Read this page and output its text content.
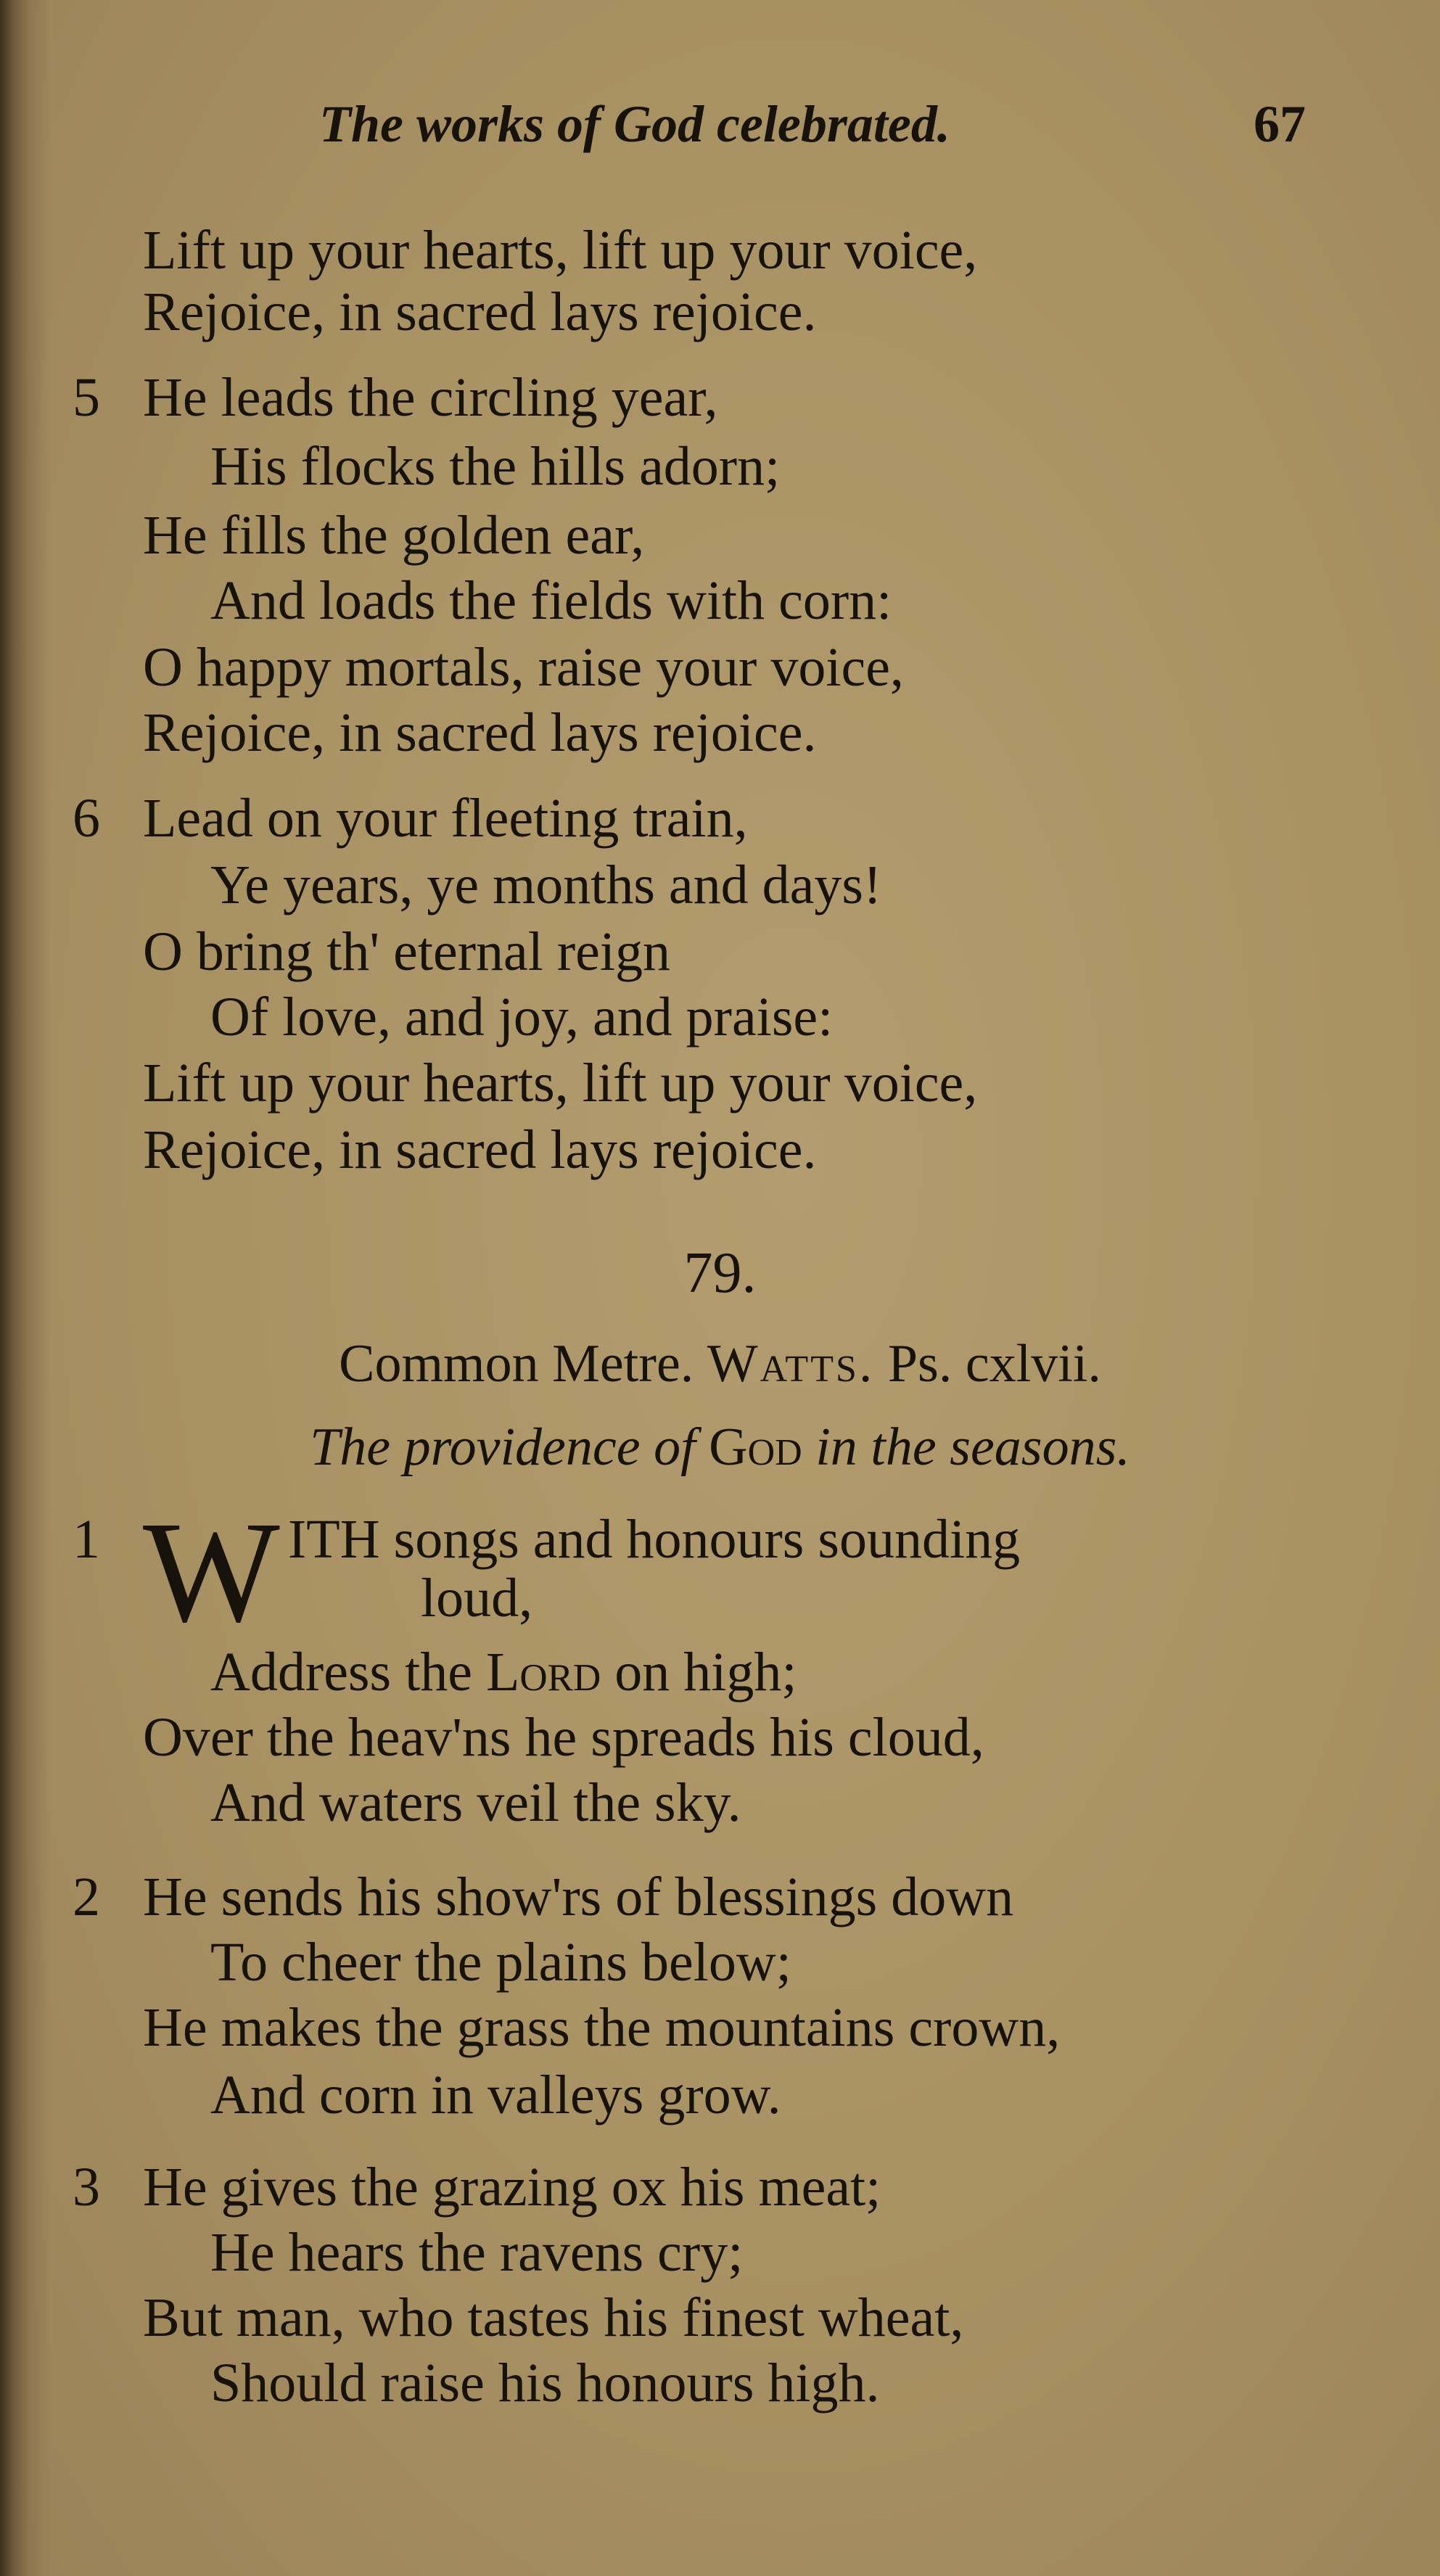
The works of God celebrated.	67
Lift up your hearts, lift up your voice,
Rejoice, in sacred lays rejoice.
5 He leads the circling year,
His flocks the hills adorn;
He fills the golden ear,
And loads the fields with corn:
O happy mortals, raise your voice,
Rejoice, in sacred lays rejoice.
6 Lead on your fleeting train,
Ye years, ye months and days!
O bring th' eternal reign
Of love, and joy, and praise:
Lift up your hearts, lift up your voice,
Rejoice, in sacred lays rejoice.
79.
Common Metre. Watts. Ps. cxlvii.
The providence of God in the seasons.
1 W ITH songs and honours sounding
loud,
Address the Lord on high;
Over the heav'ns he spreads his cloud,
And waters veil the sky.
2 He sends his show'rs of blessings down
To cheer the plains below;
He makes the grass the mountains crown,
And corn in valleys grow.
3 He gives the grazing ox his meat;
He hears the ravens cry;
But man, who tastes his finest wheat,
Should raise his honours high.
